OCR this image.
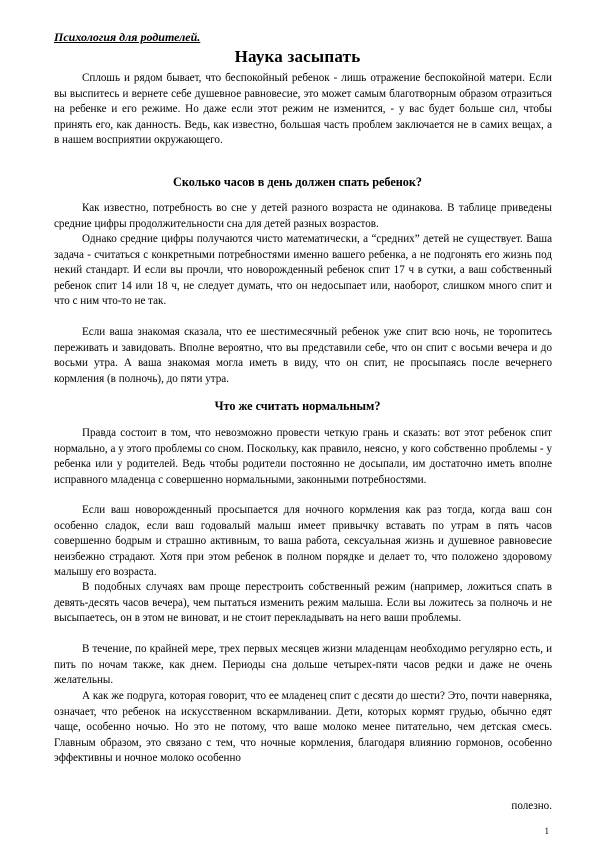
Психология для родителей.
Наука засыпать
Сплошь и рядом бывает, что беспокойный ребенок - лишь отражение беспокойной матери. Если вы выспитесь и вернете себе душевное равновесие, это может самым благотворным образом отразиться на ребенке и его режиме. Но даже если этот режим не изменится, - у вас будет больше сил, чтобы принять его, как данность. Ведь, как известно, большая часть проблем заключается не в самих вещах, а в нашем восприятии окружающего.
Сколько часов в день должен спать ребенок?
Как известно, потребность во сне у детей разного возраста не одинакова. В таблице приведены средние цифры продолжительности сна для детей разных возрастов.
Однако средние цифры получаются чисто математически, а “средних” детей не существует. Ваша задача - считаться с конкретными потребностями именно вашего ребенка, а не подгонять его жизнь под некий стандарт. И если вы прочли, что новорожденный ребенок спит 17 ч в сутки, а ваш собственный ребенок спит 14 или 18 ч, не следует думать, что он недосыпает или, наоборот, слишком много спит и что с ним что-то не так.
Если ваша знакомая сказала, что ее шестимесячный ребенок уже спит всю ночь, не торопитесь переживать и завидовать. Вполне вероятно, что вы представили себе, что он спит с восьми вечера и до восьми утра. А ваша знакомая могла иметь в виду, что он спит, не просыпаясь после вечернего кормления (в полночь), до пяти утра.
Что же считать нормальным?
Правда состоит в том, что невозможно провести четкую грань и сказать: вот этот ребенок спит нормально, а у этого проблемы со сном. Поскольку, как правило, неясно, у кого собственно проблемы - у ребенка или у родителей. Ведь чтобы родители постоянно не досыпали, им достаточно иметь вполне исправного младенца с совершенно нормальными, законными потребностями.
Если ваш новорожденный просыпается для ночного кормления как раз тогда, когда ваш сон особенно сладок, если ваш годовалый малыш имеет привычку вставать по утрам в пять часов совершенно бодрым и страшно активным, то ваша работа, сексуальная жизнь и душевное равновесие неизбежно страдают. Хотя при этом ребенок в полном порядке и делает то, что положено здоровому малышу его возраста.
В подобных случаях вам проще перестроить собственный режим (например, ложиться спать в девять-десять часов вечера), чем пытаться изменить режим малыша. Если вы ложитесь за полночь и не высыпаетесь, он в этом не виноват, и не стоит перекладывать на него ваши проблемы.
В течение, по крайней мере, трех первых месяцев жизни младенцам необходимо регулярно есть, и пить по ночам также, как днем. Периоды сна дольше четырех-пяти часов редки и даже не очень желательны.
А как же подруга, которая говорит, что ее младенец спит с десяти до шести? Это, почти наверняка, означает, что ребенок на искусственном вскармливании. Дети, которых кормят грудью, обычно едят чаще, особенно ночью. Но это не потому, что ваше молоко менее питательно, чем детская смесь. Главным образом, это связано с тем, что ночные кормления, благодаря влиянию гормонов, особенно эффективны и ночное молоко особенно
полезно.
1
